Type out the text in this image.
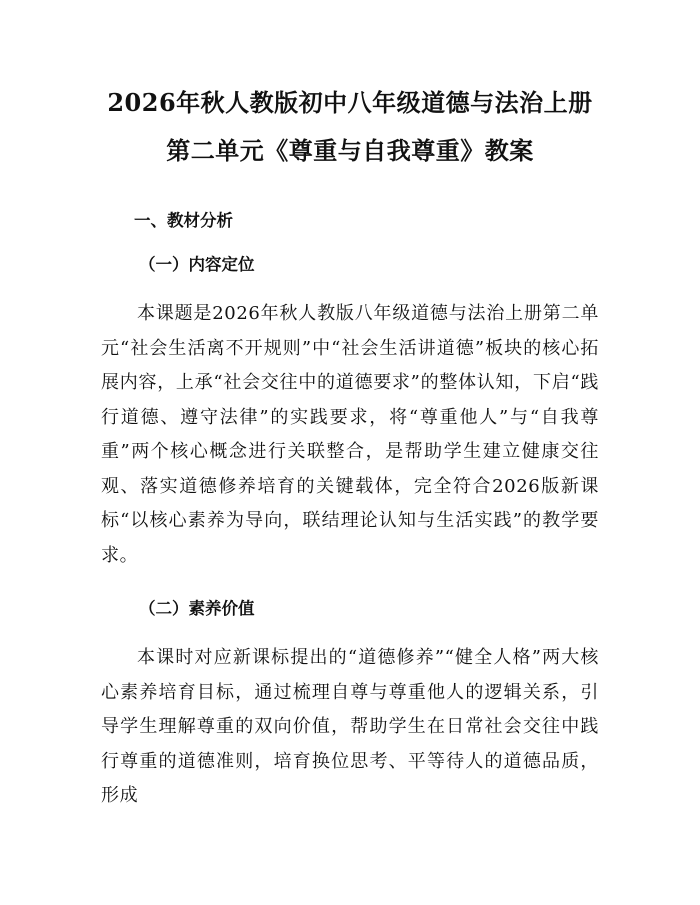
2026年秋人教版初中八年级道德与法治上册
第二单元《尊重与自我尊重》教案
一、教材分析
（一）内容定位

本课题是2026年秋人教版八年级道德与法治上册第二单元“社会生活离不开规则”中“社会生活讲道德”板块的核心拓展内容，上承“社会交往中的道德要求”的整体认知，下启“践行道德、遵守法律”的实践要求，将“尊重他人”与“自我尊重”两个核心概念进行关联整合，是帮助学生建立健康交往观、落实道德修养培育的关键载体，完全符合2026版新课标“以核心素养为导向，联结理论认知与生活实践”的教学要求。

（二）素养价值

本课时对应新课标提出的“道德修养”“健全人格”两大核心素养培育目标，通过梳理自尊与尊重他人的逻辑关系，引导学生理解尊重的双向价值，帮助学生在日常社会交往中践行尊重的道德准则，培育换位思考、平等待人的道德品质，形成
